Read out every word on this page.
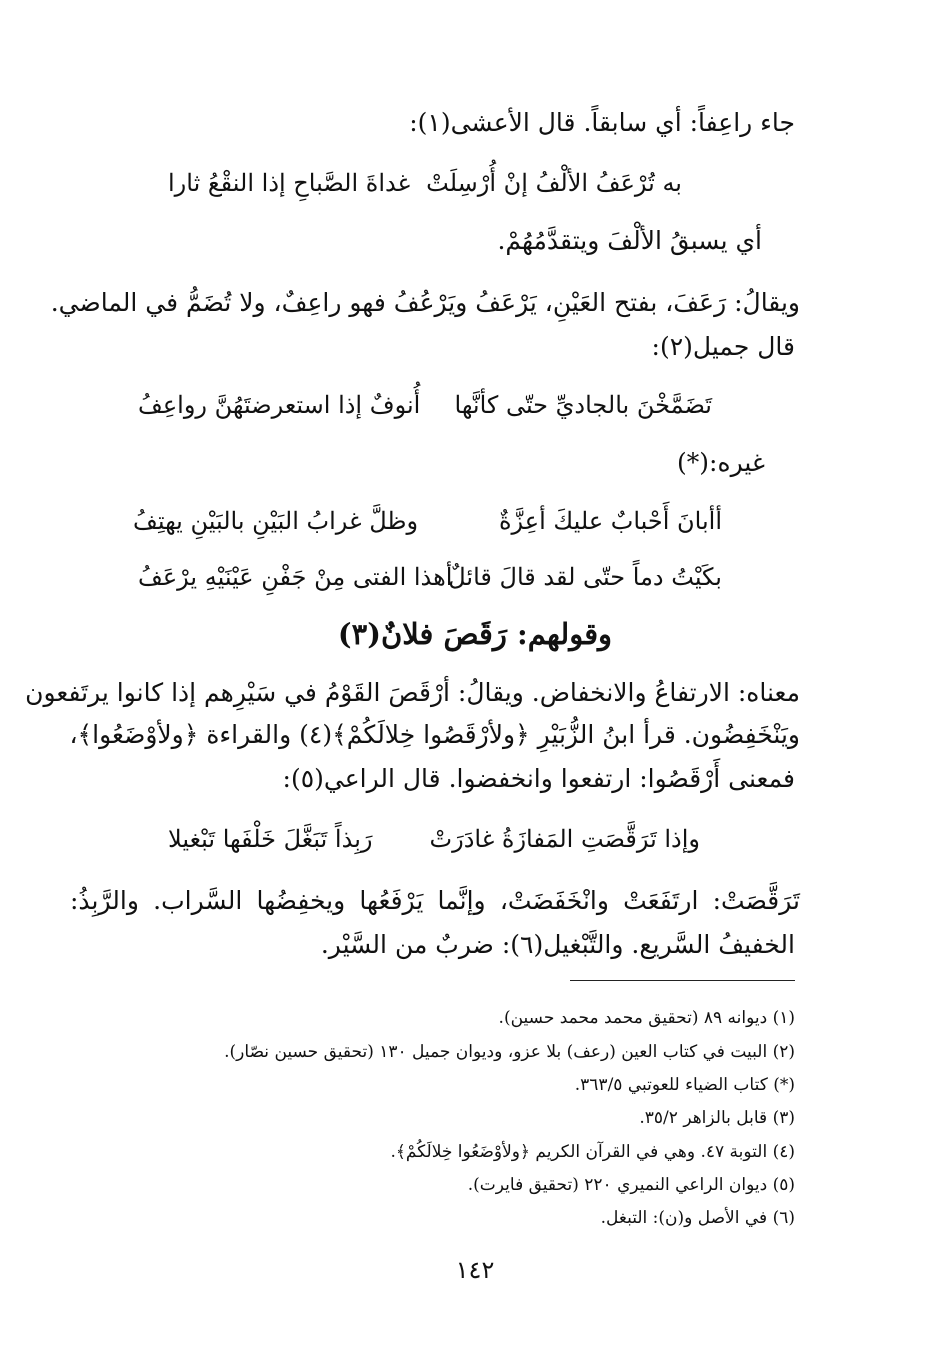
جاء راعِفاً: أي سابقاً. قال الأعشى(١):
به تُرْعَفُ الألْفُ إنْ أُرْسِلَتْ
غداةَ الصَّباحِ إذا النقْعُ ثارا
أي يسبقُ الألْفَ ويتقدَّمُهُمْ.
ويقالُ: رَعَفَ، بفتح العَيْنِ، يَرْعَفُ ويَرْعُفُ فهو راعِفٌ، ولا تُضَمُّ في الماضي.
قال جميل(٢):
تَضَمَّخْنَ بالجاديِّ حتّى كأنَّها
أُنوفٌ إذا استعرضتَهُنَّ رواعِفُ
غيره:(*)
أأبانَ أَحْبابٌ عليكَ أعِزَّةٌ
وظلَّ غرابُ البَيْنِ بالبَيْنِ يهتِفُ
بكَيْتُ دماً حتّى لقد قالَ قائلٌ
أهذا الفتى مِنْ جَفْنِ عَيْنَيْهِ يرْعَفُ
وقولهم: رَقَصَ فلانٌ(٣)
معناه: الارتفاعُ والانخفاض. ويقالُ: أرْقَصَ القَوْمُ في سَيْرِهم إذا كانوا يرتَفعون
ويَنْخَفِضُون. قرأ ابنُ الزُّبَيْرِ ﴿ولأرْقَصُوا خِلالَكُمْ﴾(٤) والقراءة ﴿ولأوْضَعُوا﴾،
فمعنى أَرْقَصُوا: ارتفعوا وانخفضوا. قال الراعي(٥):
وإذا تَرَقَّصَتِ المَفازَةُ غادَرَتْ
رَبِذاً تَبَغَّلَ خَلْفَها تَبْغيلا
تَرَقَّصَتْ: ارتَفَعَتْ وانْخَفَضَتْ، وإنَّما يَرْفَعُها ويخفِضُها السَّراب. والرَّبِذُ:
الخفيفُ السَّريع. والتَّبْغيل(٦): ضربٌ من السَّيْر.
(١) ديوانه ٨٩ (تحقيق محمد محمد حسين).
(٢) البيت في كتاب العين (رعف) بلا عزو، وديوان جميل ١٣٠ (تحقيق حسين نصّار).
(*) كتاب الضياء للعوتبي ٣٦٣/٥.
(٣) قابل بالزاهر ٣٥/٢.
(٤) التوبة ٤٧. وهي في القرآن الكريم ﴿ولأوْضَعُوا خِلالَكُمْ﴾.
(٥) ديوان الراعي النميري ٢٢٠ (تحقيق فايرت).
(٦) في الأصل و(ن): التبغل.
١٤٢
